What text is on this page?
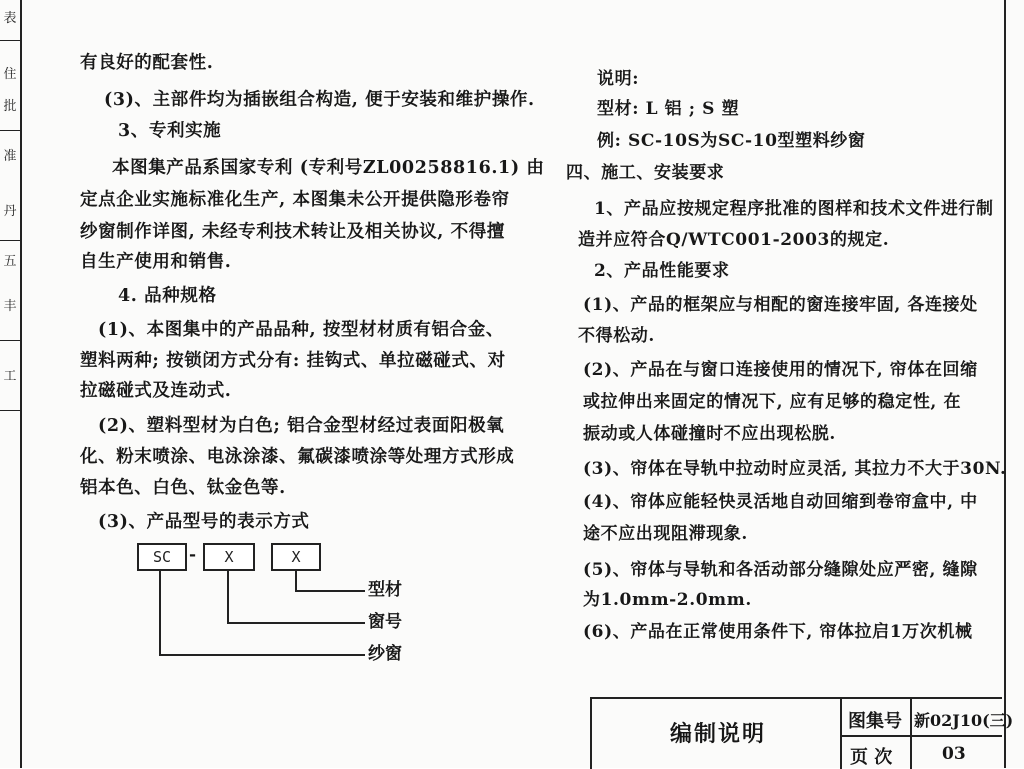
表
住
批
准
丹
五
丰
工
有良好的配套性.
(3)、主部件均为插嵌组合构造, 便于安装和维护操作.
3、专利实施
本图集产品系国家专利 (专利号ZL00258816.1) 由
定点企业实施标准化生产, 本图集未公开提供隐形卷帘
纱窗制作详图, 未经专利技术转让及相关协议, 不得擅
自生产使用和销售.
4. 品种规格
(1)、本图集中的产品品种, 按型材材质有铝合金、
塑料两种; 按锁闭方式分有: 挂钩式、单拉磁碰式、对
拉磁碰式及连动式.
(2)、塑料型材为白色; 铝合金型材经过表面阳极氧
化、粉末喷涂、电泳涂漆、氟碳漆喷涂等处理方式形成
铝本色、白色、钛金色等.
(3)、产品型号的表示方式
SC	-	X	X
型材
窗号
纱窗
说明:
型材: L 铝 ; S 塑
例: SC-10S为SC-10型塑料纱窗
四、施工、安装要求
1、产品应按规定程序批准的图样和技术文件进行制
造并应符合Q/WTC001-2003的规定.
2、产品性能要求
(1)、产品的框架应与相配的窗连接牢固, 各连接处
不得松动.
(2)、产品在与窗口连接使用的情况下, 帘体在回缩
或拉伸出来固定的情况下, 应有足够的稳定性, 在
振动或人体碰撞时不应出现松脱.
(3)、帘体在导轨中拉动时应灵活, 其拉力不大于30N.
(4)、帘体应能轻快灵活地自动回缩到卷帘盒中, 中
途不应出现阻滞现象.
(5)、帘体与导轨和各活动部分缝隙处应严密, 缝隙
为1.0mm-2.0mm.
(6)、产品在正常使用条件下, 帘体拉启1万次机械
编制说明	图集号 新02J10(三)
页 次	03
